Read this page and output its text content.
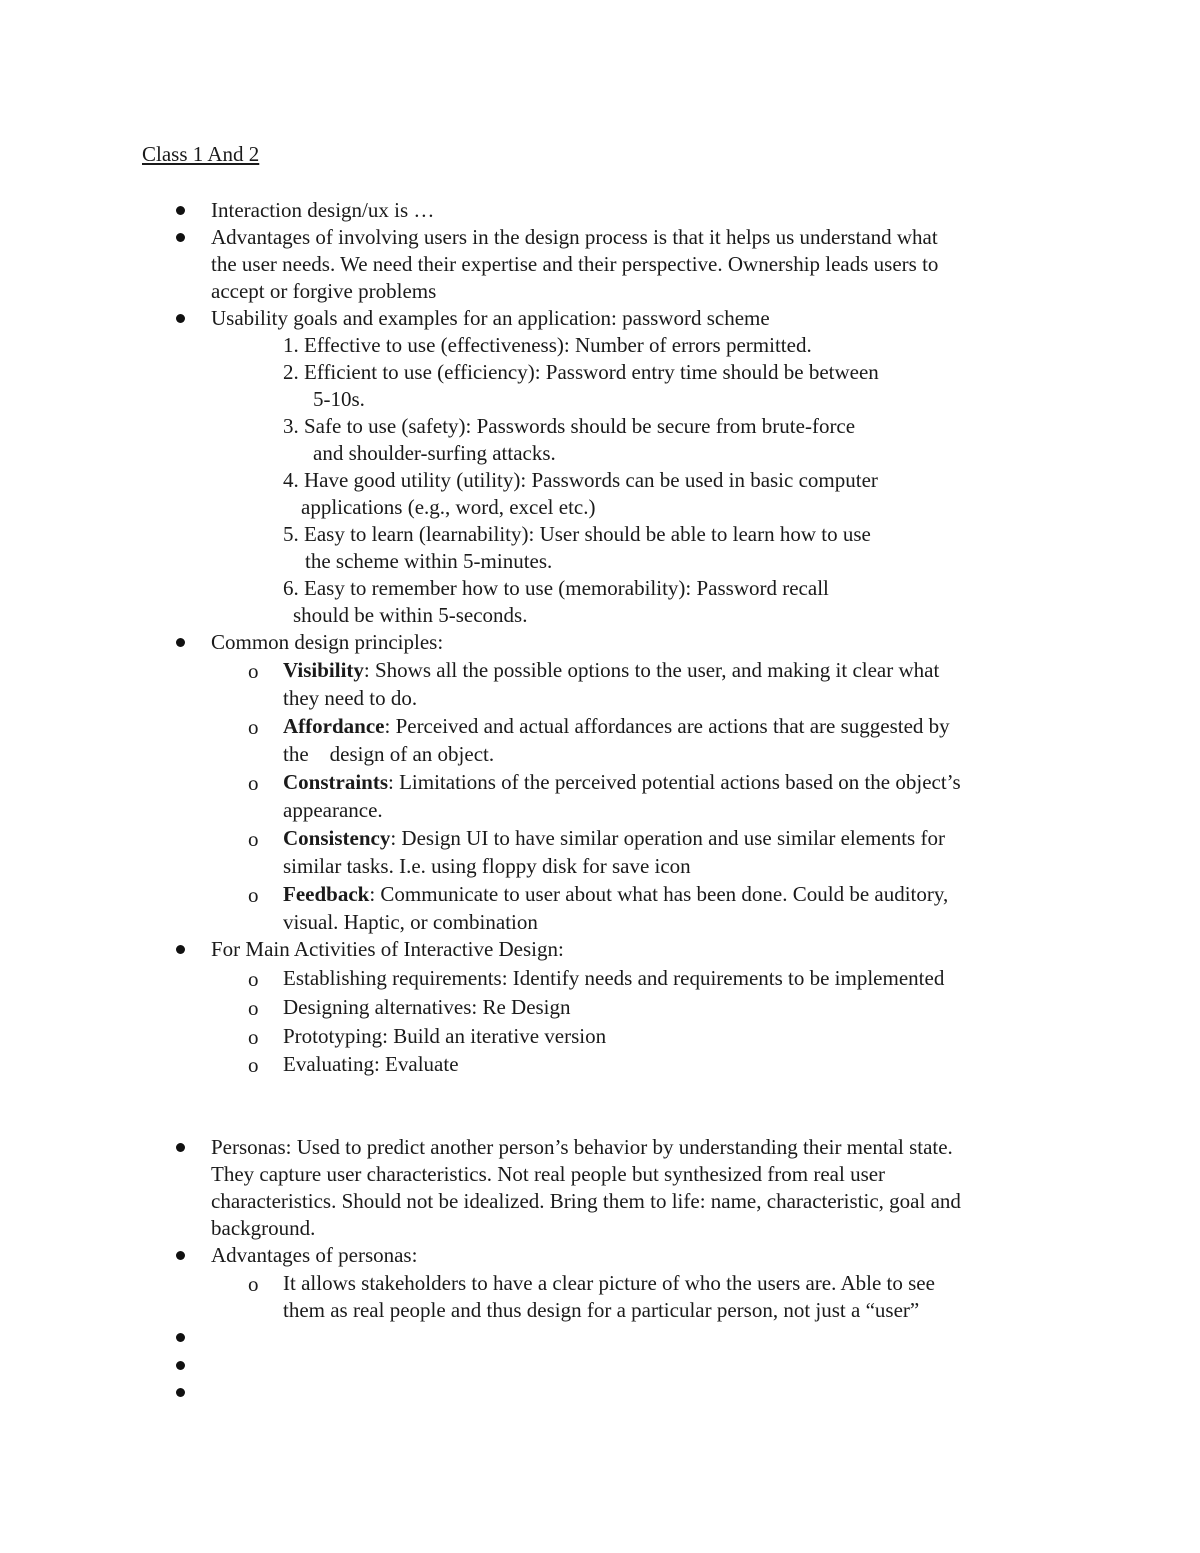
Class 1 And 2
Interaction design/ux is …
Advantages of involving users in the design process is that it helps us understand what
the user needs. We need their expertise and their perspective. Ownership leads users to
accept or forgive problems
Usability goals and examples for an application: password scheme
1. Effective to use (effectiveness): Number of errors permitted.
2. Efficient to use (efficiency): Password entry time should be between
5-10s.
3. Safe to use (safety): Passwords should be secure from brute-force
and shoulder-surfing attacks.
4. Have good utility (utility): Passwords can be used in basic computer
applications (e.g., word, excel etc.)
5. Easy to learn (learnability): User should be able to learn how to use
the scheme within 5-minutes.
6. Easy to remember how to use (memorability): Password recall
should be within 5-seconds.
Common design principles:
o Visibility: Shows all the possible options to the user, and making it clear what
they need to do.
o Affordance: Perceived and actual affordances are actions that are suggested by
the    design of an object.
o Constraints: Limitations of the perceived potential actions based on the object’s
appearance.
o Consistency: Design UI to have similar operation and use similar elements for
similar tasks. I.e. using floppy disk for save icon
o Feedback: Communicate to user about what has been done. Could be auditory,
visual. Haptic, or combination
For Main Activities of Interactive Design:
o Establishing requirements: Identify needs and requirements to be implemented
o Designing alternatives: Re Design
o Prototyping: Build an iterative version
o Evaluating: Evaluate
Personas: Used to predict another person’s behavior by understanding their mental state.
They capture user characteristics. Not real people but synthesized from real user
characteristics. Should not be idealized. Bring them to life: name, characteristic, goal and
background.
Advantages of personas:
o It allows stakeholders to have a clear picture of who the users are. Able to see
them as real people and thus design for a particular person, not just a “user”
